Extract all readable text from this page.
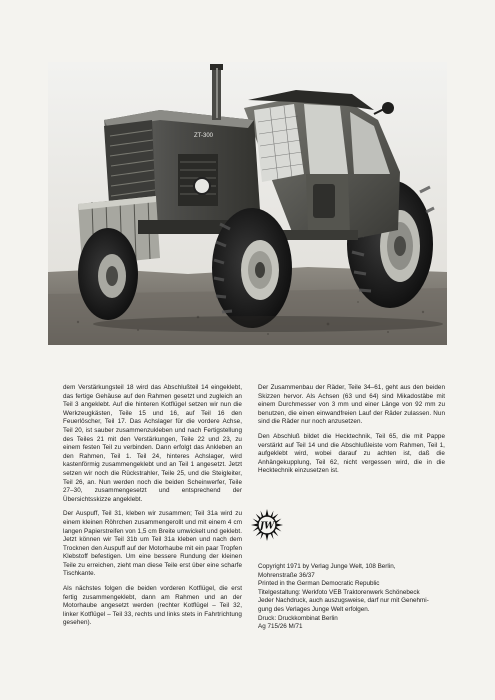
ZT-300

dem Verstärkungsteil 18 wird das Abschlußteil 14 eingeklebt, das fertige Gehäuse auf den Rahmen gesetzt und zugleich an Teil 3 angeklebt. Auf die hinteren Kotflügel setzen wir nun die Werkzeugkästen, Teile 15 und 16, auf Teil 16 den Feuerlöscher, Teil 17. Das Achslager für die vordere Achse, Teil 20, ist sauber zusammenzukleben und nach Fertigstellung des Teiles 21 mit den Verstärkungen, Teile 22 und 23, zu einem festen Teil zu verbinden. Dann erfolgt das Ankleben an den Rahmen, Teil 1. Teil 24, hinteres Achslager, wird kastenförmig zusammengeklebt und an Teil 1 angesetzt. Jetzt setzen wir noch die Rückstrahler, Teile 25, und die Steigleiter, Teil 26, an. Nun werden noch die beiden Scheinwerfer, Teile 27–30, zusammengesetzt und entsprechend der Übersichtsskizze angeklebt.

Der Auspuff, Teil 31, kleben wir zusammen; Teil 31a wird zu einem kleinen Röhrchen zusammengerollt und mit einem 4 cm langen Papierstreifen von 1,5 cm Breite umwickelt und geklebt. Jetzt können wir Teil 31b um Teil 31a kleben und nach dem Trocknen den Auspuff auf der Motorhaube mit ein paar Tropfen Klebstoff befestigen. Um eine bessere Rundung der kleinen Teile zu erreichen, zieht man diese Teile erst über eine scharfe Tischkante.

Als nächstes folgen die beiden vorderen Kotflügel, die erst fertig zusammengeklebt, dann am Rahmen und an der Motorhaube angesetzt werden (rechter Kotflügel – Teil 32, linker Kotflügel – Teil 33, rechts und links stets in Fahrtrichtung gesehen).

Der Zusammenbau der Räder, Teile 34–61, geht aus den beiden Skizzen hervor. Als Achsen (63 und 64) sind Mikadostäbe mit einem Durchmesser von 3 mm und einer Länge von 92 mm zu benutzen, die einen einwandfreien Lauf der Räder zulassen. Nun sind die Räder nur noch anzusetzen.

Den Abschluß bildet die Hecktechnik, Teil 65, die mit Pappe verstärkt auf Teil 14 und die Abschlußleiste vom Rahmen, Teil 1, aufgeklebt wird, wobei darauf zu achten ist, daß die Anhängekupplung, Teil 62, nicht vergessen wird, die in die Hecktechnik einzusetzen ist.

JW
Copyright 1971 by Verlag Junge Welt, 108 Berlin,
Mohrenstraße 36/37
Printed in the German Democratic Republic
Titelgestaltung: Werkfoto VEB Traktorenwerk Schönebeck
Jeder Nachdruck, auch auszugsweise, darf nur mit Genehmi-
gung des Verlages Junge Welt erfolgen.
Druck: Druckkombinat Berlin
Ag 715/26 M/71
